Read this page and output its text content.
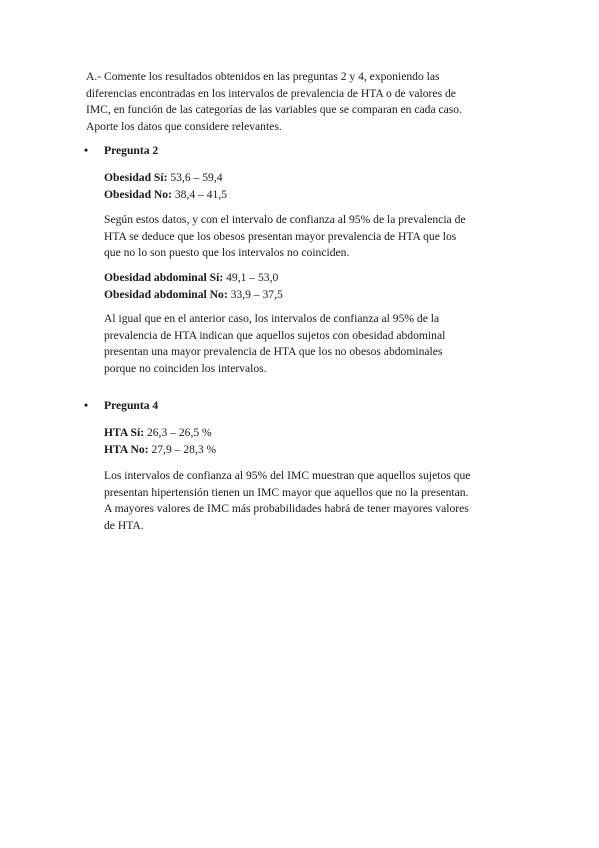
A.- Comente los resultados obtenidos en las preguntas 2 y 4, exponiendo las
diferencias encontradas en los intervalos de prevalencia de HTA o de valores de
IMC, en función de las categorías de las variables que se comparan en cada caso.
Aporte los datos que considere relevantes.

•	Pregunta 2

Obesidad Sí: 53,6 – 59,4
Obesidad No: 38,4 – 41,5

Según estos datos, y con el intervalo de confianza al 95% de la prevalencia de
HTA se deduce que los obesos presentan mayor prevalencia de HTA que los
que no lo son puesto que los intervalos no coinciden.

Obesidad abdominal Sí: 49,1 – 53,0
Obesidad abdominal No: 33,9 – 37,5

Al igual que en el anterior caso, los intervalos de confianza al 95% de la
prevalencia de HTA indican que aquellos sujetos con obesidad abdominal
presentan una mayor prevalencia de HTA que los no obesos abdominales
porque no coinciden los intervalos.

•	Pregunta 4

HTA Sí: 26,3 – 26,5 %
HTA No: 27,9 – 28,3 %

Los intervalos de confianza al 95% del IMC muestran que aquellos sujetos que
presentan hipertensión tienen un IMC mayor que aquellos que no la presentan.
A mayores valores de IMC más probabilidades habrá de tener mayores valores
de HTA.
